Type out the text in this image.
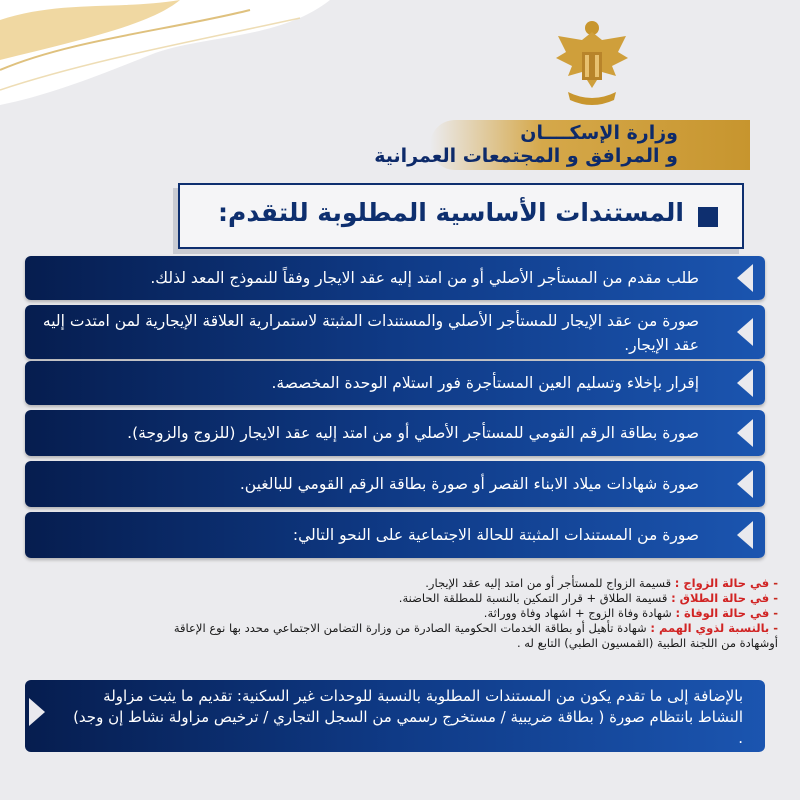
وزارة الإسكــــان
و المرافق و المجتمعات العمرانية
المستندات الأساسية المطلوبة للتقدم:
طلب مقدم من المستأجر الأصلي أو من امتد إليه عقد الايجار وفقاً للنموذج المعد لذلك.
صورة من عقد الإيجار للمستأجر الأصلي والمستندات المثبتة لاستمرارية العلاقة الإيجارية لمن امتدت إليه عقد الإيجار.
إقرار بإخلاء وتسليم العين المستأجرة فور استلام الوحدة المخصصة.
صورة بطاقة الرقم القومي للمستأجر الأصلي أو من امتد إليه عقد الايجار (للزوج والزوجة).
صورة شهادات ميلاد الابناء القصر أو صورة بطاقة الرقم القومي للبالغين.
صورة من المستندات المثبتة للحالة الاجتماعية على النحو التالي:
-في حالة الزواج : قسيمة الزواج للمستأجر أو من امتد إليه عقد الإيجار.
-في حالة الطلاق : قسيمة الطلاق + قرار التمكين بالنسبة للمطلقة الحاضنة.
-في حالة الوفاة : شهادة وفاة الزوج + اشهاد وفاة ووراثة.
-بالنسبة لذوي الهمم : شهادة تأهيل أو بطاقة الخدمات الحكومية الصادرة من وزارة التضامن الاجتماعي محدد بها نوع الإعاقة
أوشهادة من اللجنة الطبية (القمسيون الطبي) التابع له .
بالإضافة إلى ما تقدم يكون من المستندات المطلوبة بالنسبة للوحدات غير السكنية: تقديم ما يثبت مزاولة النشاط بانتظام صورة ( بطاقة ضريبية / مستخرج رسمي من السجل التجاري / ترخيص مزاولة نشاط إن وجد) .
